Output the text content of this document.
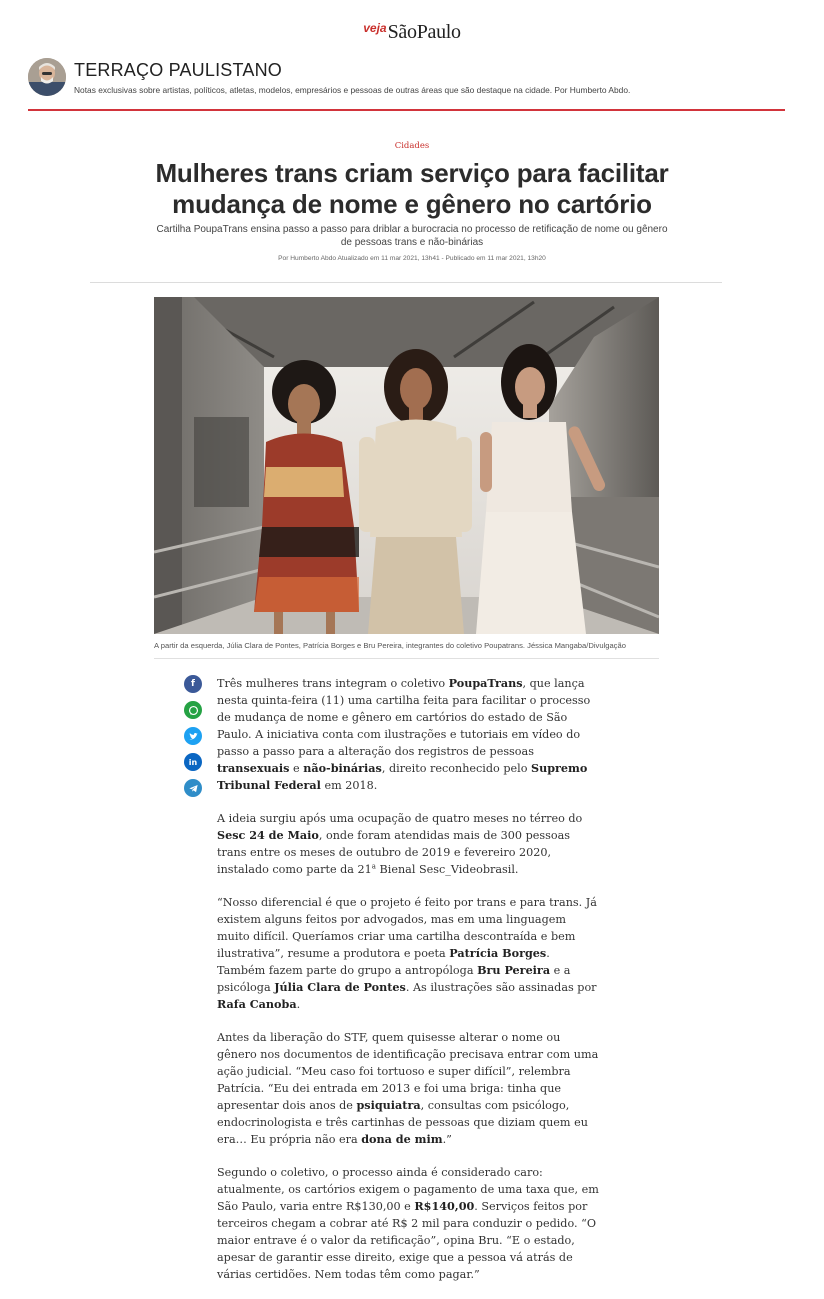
$^{veja}$SãoPaulo
TERRAÇO PAULISTANO
Notas exclusivas sobre artistas, políticos, atletas, modelos, empresários e pessoas de outras áreas que são destaque na cidade. Por Humberto Abdo.
Cidades
Mulheres trans criam serviço para facilitar
mudança de nome e gênero no cartório

Cartilha PoupaTrans ensina passo a passo para driblar a burocracia no processo de retificação de nome ou gênero de pessoas trans e não-binárias

Por Humberto Abdo Atualizado em 11 mar 2021, 13h41 - Publicado em 11 mar 2021, 13h20
A partir da esquerda, Júlia Clara de Pontes, Patrícia Borges e Bru Pereira, integrantes do coletivo Poupatrans. Jéssica Mangaba/Divulgação
f
in

Três mulheres trans integram o coletivo PoupaTrans, que lança nesta quinta-feira (11) uma cartilha feita para facilitar o processo de mudança de nome e gênero em cartórios do estado de São Paulo. A iniciativa conta com ilustrações e tutoriais em vídeo do passo a passo para a alteração dos registros de pessoas transexuais e não-binárias, direito reconhecido pelo Supremo Tribunal Federal em 2018.

A ideia surgiu após uma ocupação de quatro meses no térreo do Sesc 24 de Maio, onde foram atendidas mais de 300 pessoas trans entre os meses de outubro de 2019 e fevereiro 2020, instalado como parte da 21$^a$ Bienal Sesc_Videobrasil.

“Nosso diferencial é que o projeto é feito por trans e para trans. Já existem alguns feitos por advogados, mas em uma linguagem muito difícil. Queríamos criar uma cartilha descontraída e bem ilustrativa”, resume a produtora e poeta Patrícia Borges. Também fazem parte do grupo a antropóloga Bru Pereira e a psicóloga Júlia Clara de Pontes. As ilustrações são assinadas por Rafa Canoba.

Antes da liberação do STF, quem quisesse alterar o nome ou gênero nos documentos de identificação precisava entrar com uma ação judicial. “Meu caso foi tortuoso e super difícil”, relembra Patrícia. “Eu dei entrada em 2013 e foi uma briga: tinha que apresentar dois anos de psiquiatra, consultas com psicólogo, endocrinologista e três cartinhas de pessoas que diziam quem eu era… Eu própria não era dona de mim.”

Segundo o coletivo, o processo ainda é considerado caro: atualmente, os cartórios exigem o pagamento de uma taxa que, em São Paulo, varia entre R$130,00 e R$140,00. Serviços feitos por terceiros chegam a cobrar até R$ 2 mil para conduzir o pedido. “O maior entrave é o valor da retificação”, opina Bru. “E o estado, apesar de garantir esse direito, exige que a pessoa vá atrás de várias certidões. Nem todas têm como pagar.”
